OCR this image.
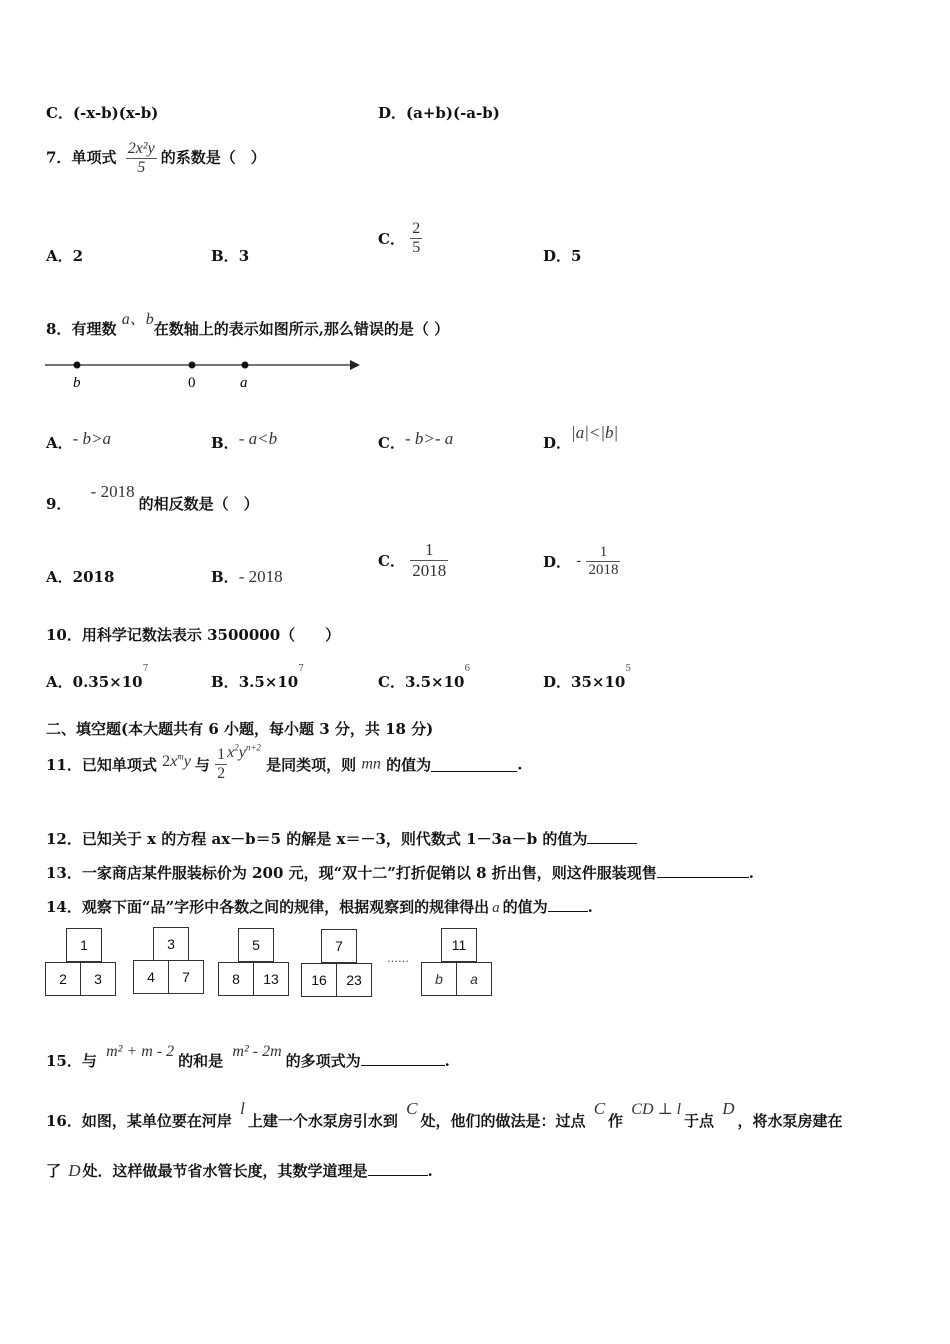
C．(-x-b)(x-b)	D．(a+b)(-a-b)
7．单项式 $\frac{\text{2x²y}}{5}$ 的系数是（　）
A．2	B．3
C． $\frac{2}{5}$	D．5
8．有理数 a、b在数轴上的表示如图所示,那么错误的是（ ）
b	0	a
A．- b>a	B．- a<b	C．- b>- a	D．|a|<|b|
9． - 2018的相反数是（　）
A．2018	B．- 2018
C． $\frac{1}{2018}$	D． - $\frac{1}{2018}$
10．用科学记数法表示 3500000（　　）
A．$0.35\times 10^7$
B．$3.5\times 10^7$
C．$3.5\times 10^6$
D．$35\times 10^5$
二、填空题(本大题共有 6 小题，每小题 3 分，共 18 分)
11．已知单项式 $2x^my$ 与 $\frac{1}{2} x^2y^{n+2}$ 是同类项，则 mn 的值为	.
12．已知关于 x 的方程 ax－b＝5 的解是 x＝－3，则代数式 1－3a－b 的值为
13．一家商店某件服装标价为 200 元，现“双十二”打折促销以 8 折出售，则这件服装现售	.
14．观察下面“品”字形中各数之间的规律，根据观察到的规律得出 a 的值为	.
1
2	3
3
4	7
5
8	13
7
16	23
……
11
b	a
15．与 m² + m - 2的和是 m² - 2m的多项式为	.
16．如图，某单位要在河岸 l上建一个水泵房引水到 C处，他们的做法是：过点 C作 CD ⊥ l于点 D，将水泵房建在
了 D 处．这样做最节省水管长度，其数学道理是	.
